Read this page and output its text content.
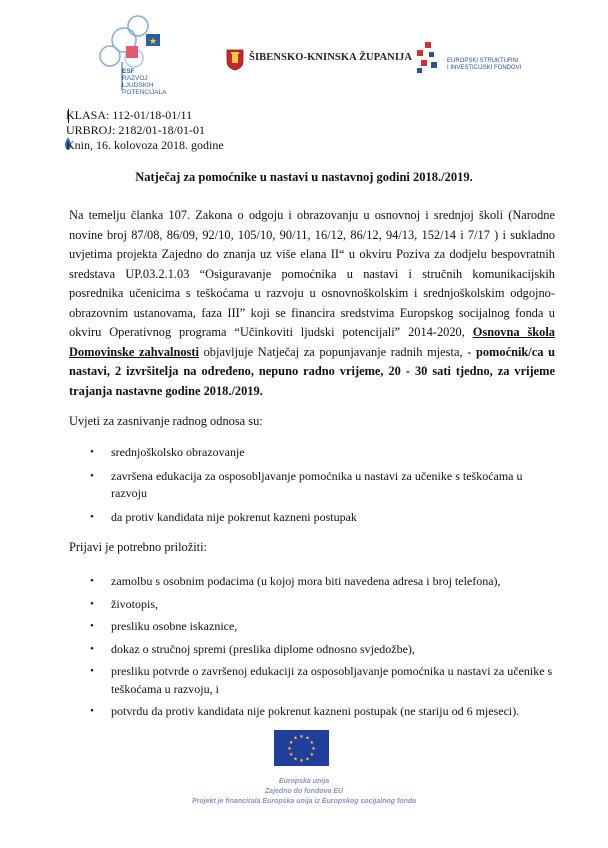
★
ESF
RAZVOJ
LJUDSKIH
POTENCIJALA
ŠIBENSKO-KNINSKA ŽUPANIJA	EUROPSKI STRUKTURNI
I INVESTICIJSKI FONDOVI
KLASA: 112-01/18-01/11
URBROJ: 2182/01-18/01-01
Knin, 16. kolovoza 2018. godine
Natječaj za pomoćnike u nastavi u nastavnoj godini 2018./2019.
Na temelju članka 107. Zakona o odgoju i obrazovanju u osnovnoj i srednjoj školi (Narodne novine broj 87/08, 86/09, 92/10, 105/10, 90/11, 16/12, 86/12, 94/13, 152/14 i 7/17 ) i sukladno uvjetima projekta Zajedno do znanja uz više elana II“ u okviru Poziva za dodjelu bespovratnih sredstava UP.03.2.1.03 “Osiguravanje pomoćnika u nastavi i stručnih komunikacijskih posrednika učenicima s teškoćama u razvoju u osnovnoškolskim i srednjoškolskim odgojno-obrazovnim ustanovama, faza III” koji se financira sredstvima Europskog socijalnog fonda u okviru Operativnog programa “Učinkoviti ljudski potencijali” 2014-2020, Osnovna škola Domovinske zahvalnosti objavljuje Natječaj za popunjavanje radnih mjesta, - pomoćnik/ca u nastavi, 2 izvršitelja na određeno, nepuno radno vrijeme, 20 - 30 sati tjedno, za vrijeme trajanja nastavne godine 2018./2019.
Uvjeti za zasnivanje radnog odnosa su:
• srednjoškolsko obrazovanje
• završena edukacija za osposobljavanje pomoćnika u nastavi za učenike s teškoćama u razvoju
• da protiv kandidata nije pokrenut kazneni postupak
Prijavi je potrebno priložiti:
• zamolbu s osobnim podacima (u kojoj mora biti navedena adresa i broj telefona),
• životopis,
• presliku osobne iskaznice,
• dokaz o stručnoj spremi (preslika diplome odnosno svjedožbe),
• presliku potvrde o završenoj edukaciji za osposobljavanje pomoćnika u nastavi za učenike s teškoćama u razvoju, i
• potvrdu da protiv kandidata nije pokrenut kazneni postupak (ne stariju od 6 mjeseci).
★ ★
★
★
★
★
★
★
★
★
★
★
Europska unija
Zajedno do fondova EU
Projekt je financirala Europska unija iz Europskog socijalnog fonda
